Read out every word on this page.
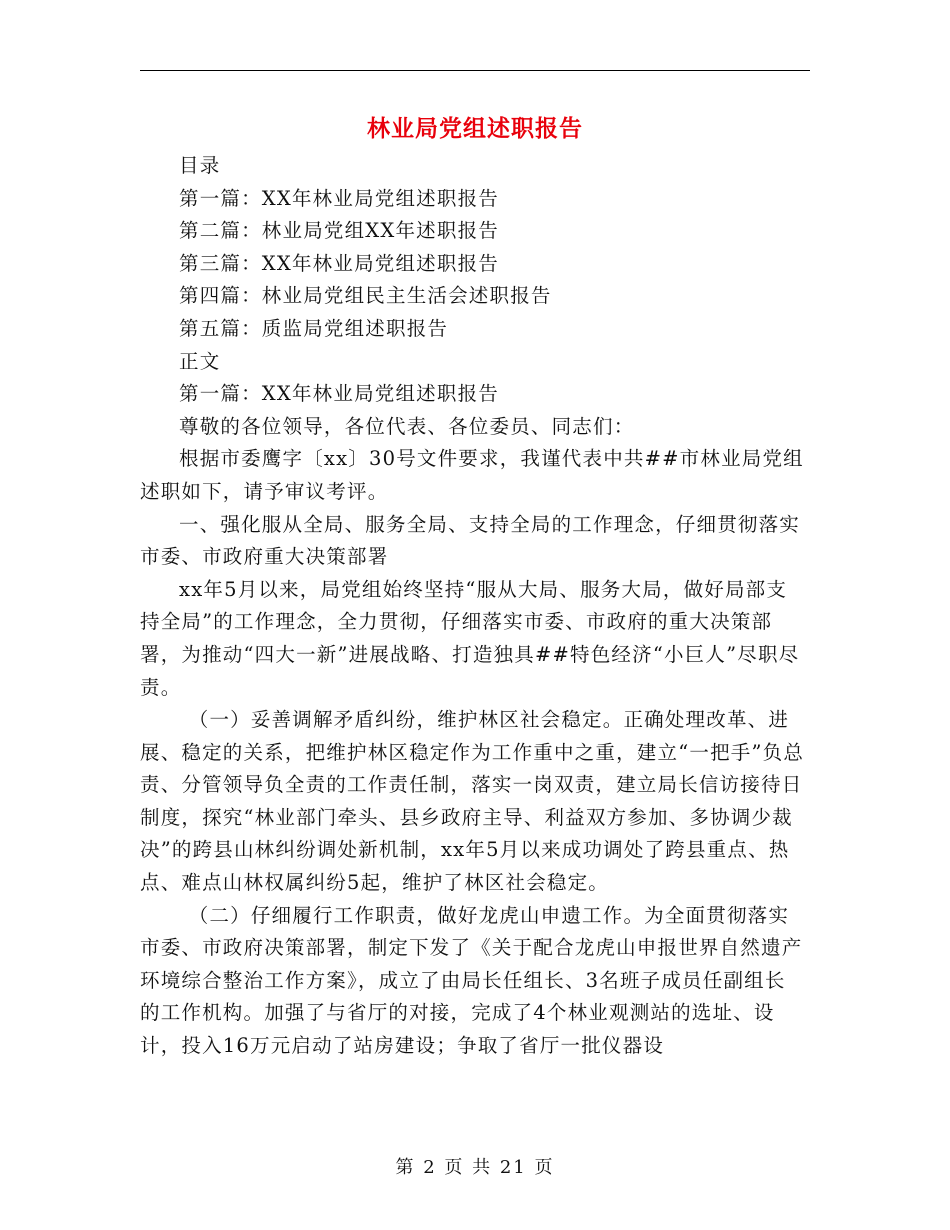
林业局党组述职报告

目录

第一篇：XX年林业局党组述职报告

第二篇：林业局党组XX年述职报告

第三篇：XX年林业局党组述职报告

第四篇：林业局党组民主生活会述职报告

第五篇：质监局党组述职报告

正文

第一篇：XX年林业局党组述职报告

尊敬的各位领导，各位代表、各位委员、同志们：

根据市委鹰字〔xx〕30号文件要求，我谨代表中共##市林业局党组述职如下，请予审议考评。

一、强化服从全局、服务全局、支持全局的工作理念，仔细贯彻落实市委、市政府重大决策部署

xx年5月以来，局党组始终坚持“服从大局、服务大局，做好局部支持全局”的工作理念，全力贯彻，仔细落实市委、市政府的重大决策部署，为推动“四大一新”进展战略、打造独具##特色经济“小巨人”尽职尽责。

（一）妥善调解矛盾纠纷，维护林区社会稳定。正确处理改革、进展、稳定的关系，把维护林区稳定作为工作重中之重，建立“一把手”负总责、分管领导负全责的工作责任制，落实一岗双责，建立局长信访接待日制度，探究“林业部门牵头、县乡政府主导、利益双方参加、多协调少裁决”的跨县山林纠纷调处新机制，xx年5月以来成功调处了跨县重点、热点、难点山林权属纠纷5起，维护了林区社会稳定。

（二）仔细履行工作职责，做好龙虎山申遗工作。为全面贯彻落实市委、市政府决策部署，制定下发了《关于配合龙虎山申报世界自然遗产环境综合整治工作方案》，成立了由局长任组长、3名班子成员任副组长的工作机构。加强了与省厅的对接，完成了4个林业观测站的选址、设计，投入16万元启动了站房建设；争取了省厅一批仪器设

第 2 页 共 21 页
